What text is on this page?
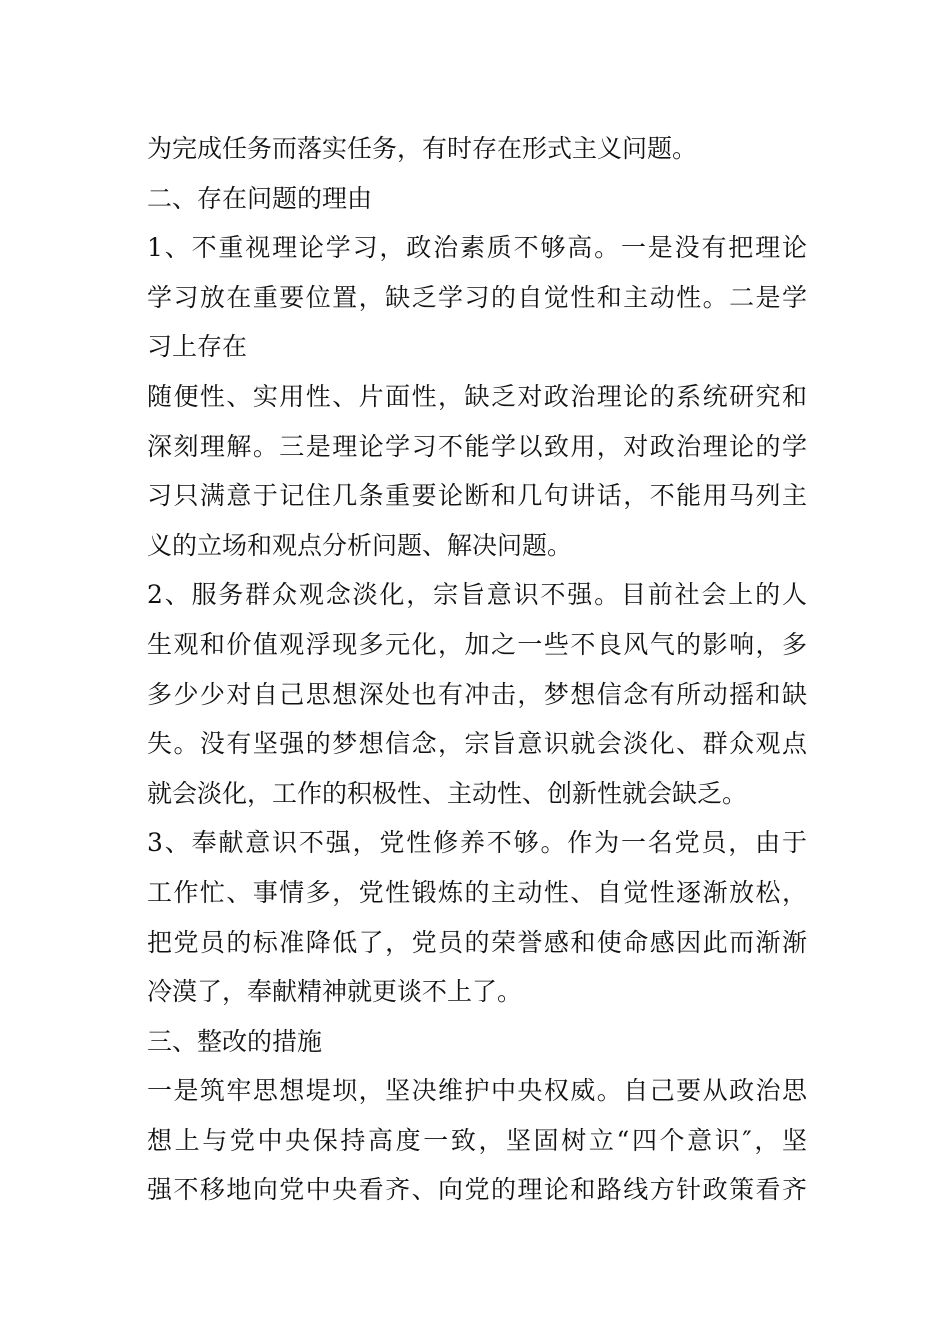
为完成任务而落实任务，有时存在形式主义问题。
二、存在问题的理由
1、不重视理论学习，政治素质不够高。一是没有把理论
学习放在重要位置，缺乏学习的自觉性和主动性。二是学
习上存在
随便性、实用性、片面性，缺乏对政治理论的系统研究和
深刻理解。三是理论学习不能学以致用，对政治理论的学
习只满意于记住几条重要论断和几句讲话，不能用马列主
义的立场和观点分析问题、解决问题。
2、服务群众观念淡化，宗旨意识不强。目前社会上的人
生观和价值观浮现多元化，加之一些不良风气的影响，多
多少少对自己思想深处也有冲击，梦想信念有所动摇和缺
失。没有坚强的梦想信念，宗旨意识就会淡化、群众观点
就会淡化，工作的积极性、主动性、创新性就会缺乏。
3、奉献意识不强，党性修养不够。作为一名党员，由于
工作忙、事情多，党性锻炼的主动性、自觉性逐渐放松，
把党员的标准降低了，党员的荣誉感和使命感因此而渐渐
冷漠了，奉献精神就更谈不上了。
三、整改的措施
一是筑牢思想堤坝，坚决维护中央权威。自己要从政治思
想上与党中央保持高度一致，坚固树立“四个意识″，坚
强不移地向党中央看齐、向党的理论和路线方针政策看齐
